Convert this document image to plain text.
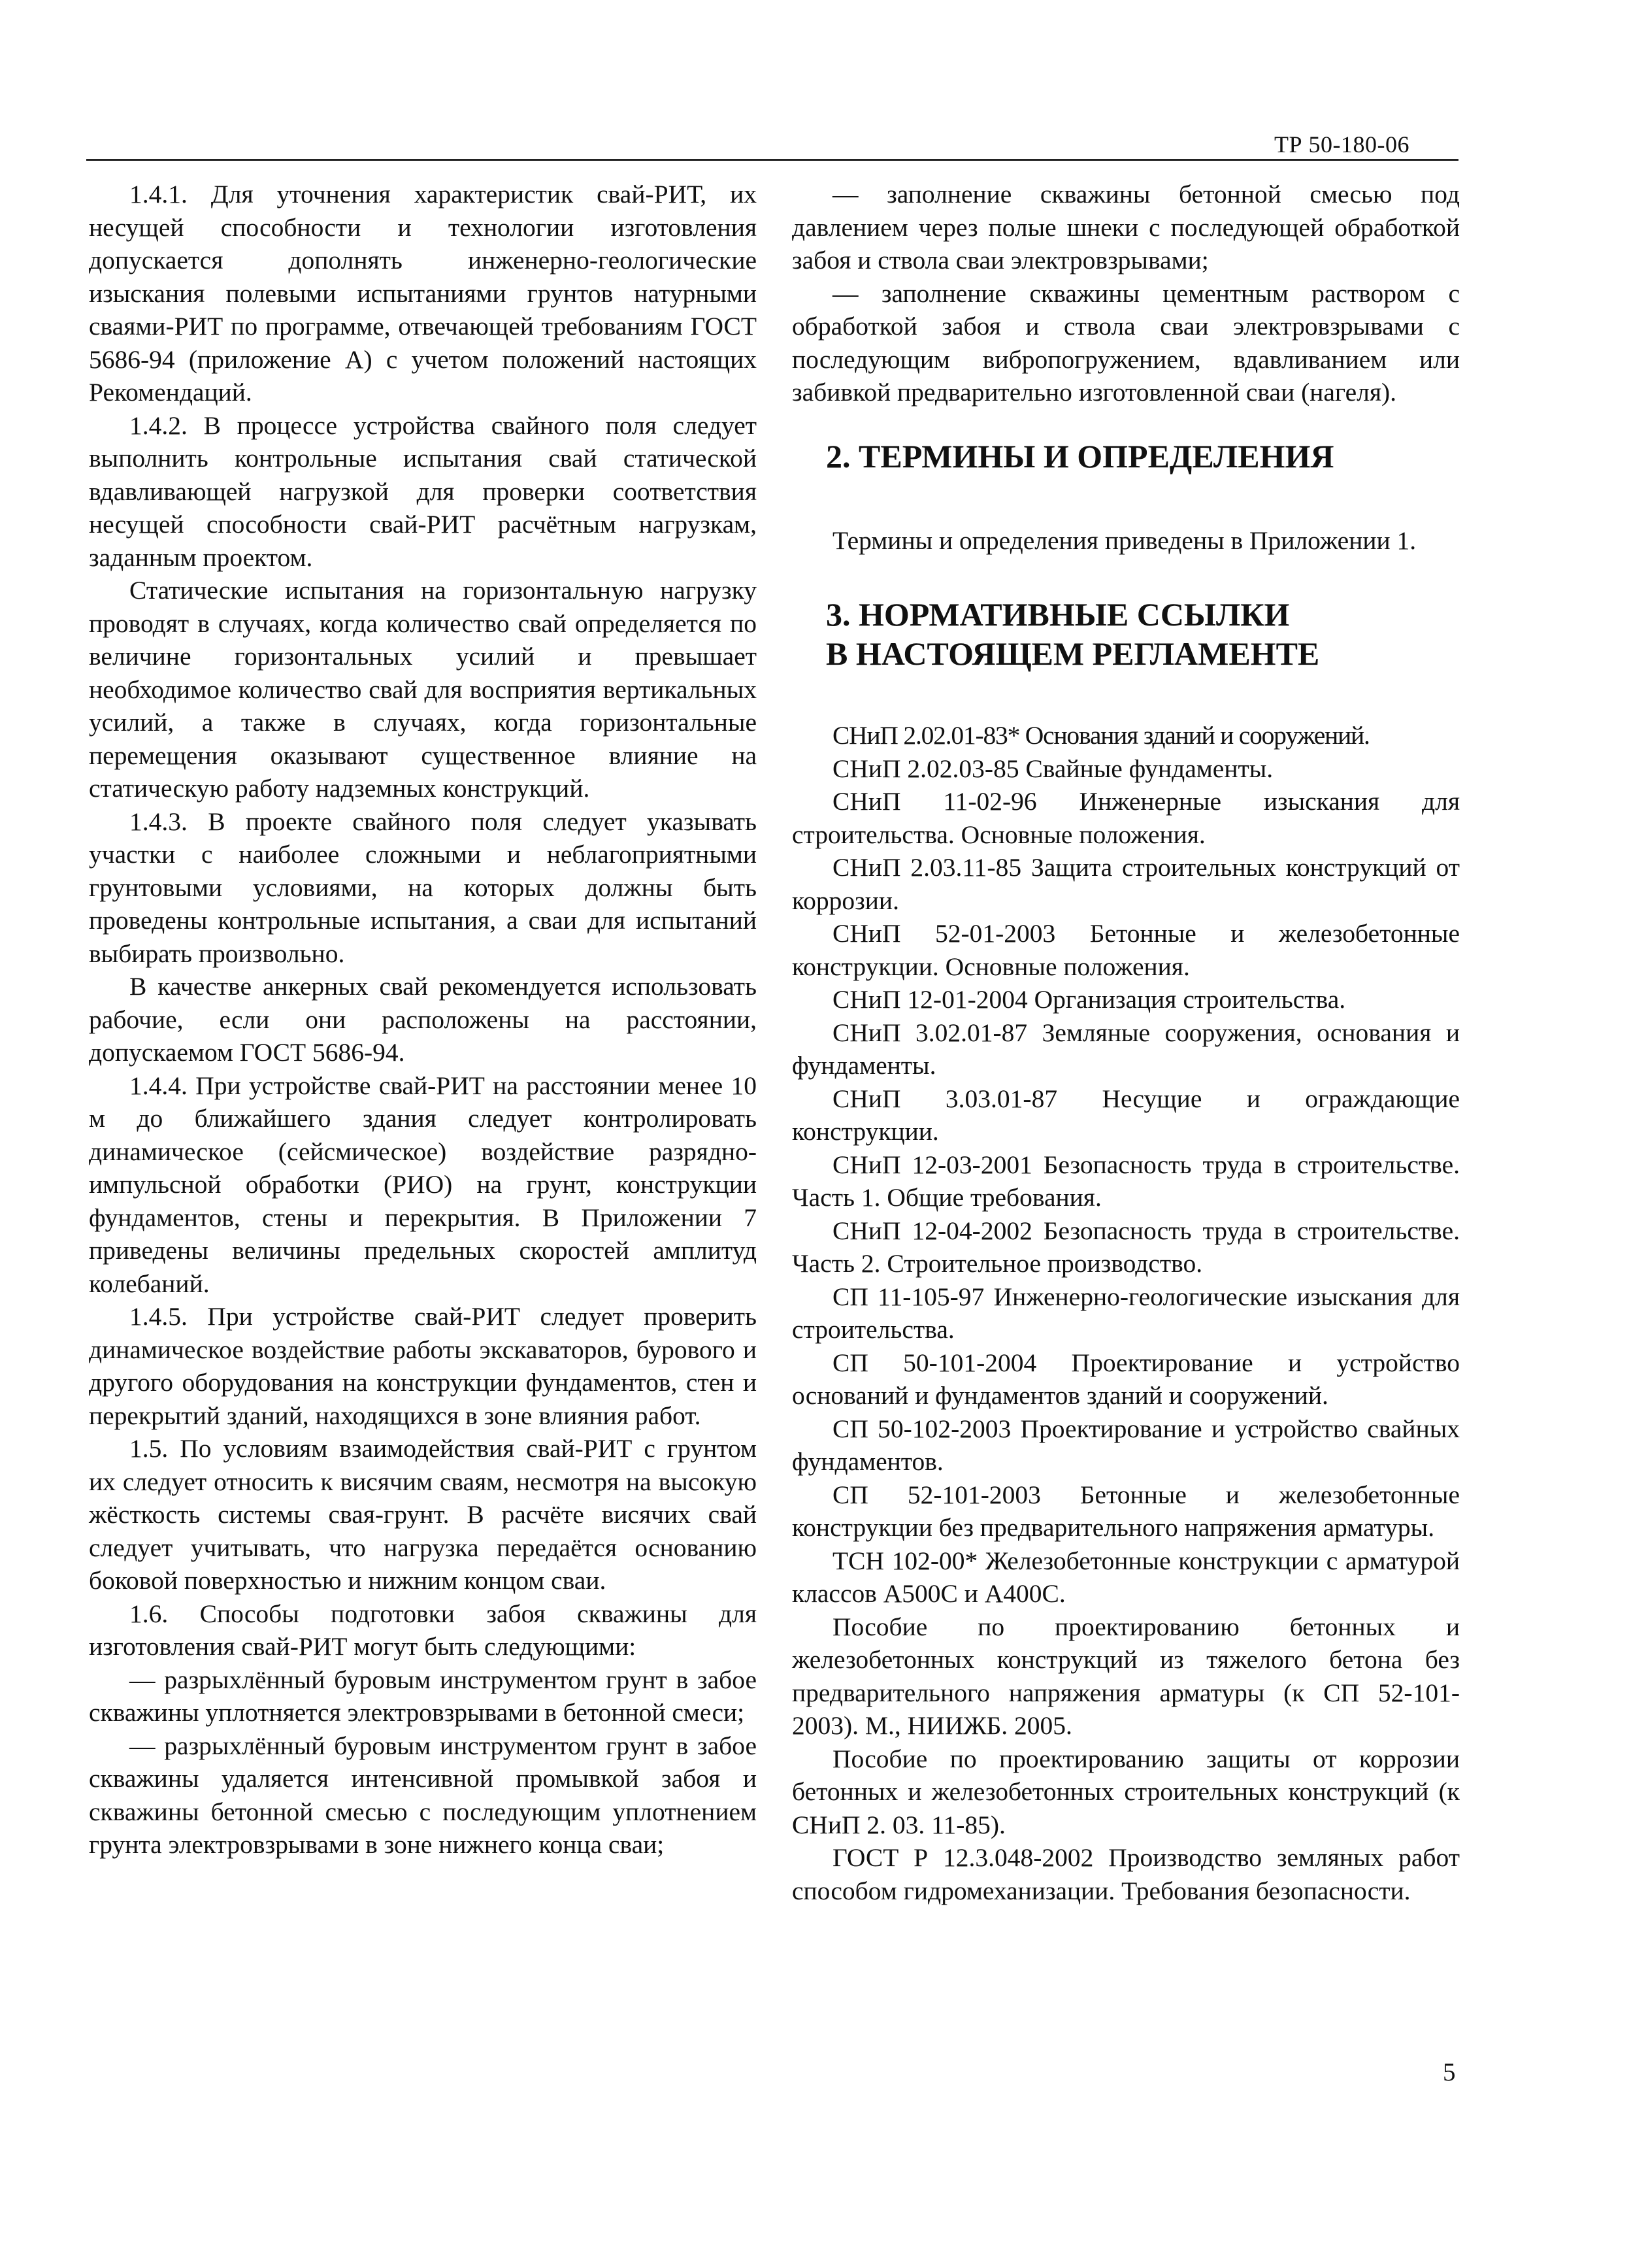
ТР 50-180-06

1.4.1. Для уточнения характеристик свай-РИТ, их несущей способности и технологии изготовления допускается дополнять инженерно-геологические изыскания полевыми испытаниями грунтов натурными сваями-РИТ по программе, отвечающей требованиям ГОСТ 5686-94 (приложение А) с учетом положений настоящих Рекомендаций.

1.4.2. В процессе устройства свайного поля следует выполнить контрольные испытания свай статической вдавливающей нагрузкой для проверки соответствия несущей способности свай-РИТ расчётным нагрузкам, заданным проектом.

Статические испытания на горизонтальную нагрузку проводят в случаях, когда количество свай определяется по величине горизонтальных усилий и превышает необходимое количество свай для восприятия вертикальных усилий, а также в случаях, когда горизонтальные перемещения оказывают существенное влияние на статическую работу надземных конструкций.

1.4.3. В проекте свайного поля следует указывать участки с наиболее сложными и неблагоприятными грунтовыми условиями, на которых должны быть проведены контрольные испытания, а сваи для испытаний выбирать произвольно.

В качестве анкерных свай рекомендуется использовать рабочие, если они расположены на расстоянии, допускаемом ГОСТ 5686-94.

1.4.4. При устройстве свай-РИТ на расстоянии менее 10 м до ближайшего здания следует контролировать динамическое (сейсмическое) воздействие разрядно-импульсной обработки (РИО) на грунт, конструкции фундаментов, стены и перекрытия. В Приложении 7 приведены величины предельных скоростей амплитуд колебаний.

1.4.5. При устройстве свай-РИТ следует проверить динамическое воздействие работы экскаваторов, бурового и другого оборудования на конструкции фундаментов, стен и перекрытий зданий, находящихся в зоне влияния работ.

1.5. По условиям взаимодействия свай-РИТ с грунтом их следует относить к висячим сваям, несмотря на высокую жёсткость системы свая-грунт. В расчёте висячих свай следует учитывать, что нагрузка передаётся основанию боковой поверхностью и нижним концом сваи.

1.6. Способы подготовки забоя скважины для изготовления свай-РИТ могут быть следующими:

— разрыхлённый буровым инструментом грунт в забое скважины уплотняется электровзрывами в бетонной смеси;

— разрыхлённый буровым инструментом грунт в забое скважины удаляется интенсивной промывкой забоя и скважины бетонной смесью с последующим уплотнением грунта электровзрывами в зоне нижнего конца сваи;

— заполнение скважины бетонной смесью под давлением через полые шнеки с последующей обработкой забоя и ствола сваи электровзрывами;

— заполнение скважины цементным раствором с обработкой забоя и ствола сваи электровзрывами с последующим вибропогружением, вдавливанием или забивкой предварительно изготовленной сваи (нагеля).

2. ТЕРМИНЫ И ОПРЕДЕЛЕНИЯ

Термины и определения приведены в Приложении 1.

3. НОРМАТИВНЫЕ ССЫЛКИ
В НАСТОЯЩЕМ РЕГЛАМЕНТЕ

СНиП 2.02.01-83* Основания зданий и сооружений.

СНиП 2.02.03-85 Свайные фундаменты.

СНиП 11-02-96 Инженерные изыскания для строительства. Основные положения.

СНиП 2.03.11-85 Защита строительных конструкций от коррозии.

СНиП 52-01-2003 Бетонные и железобетонные конструкции. Основные положения.

СНиП 12-01-2004 Организация строительства.

СНиП 3.02.01-87 Земляные сооружения, основания и фундаменты.

СНиП 3.03.01-87 Несущие и ограждающие конструкции.

СНиП 12-03-2001 Безопасность труда в строительстве. Часть 1. Общие требования.

СНиП 12-04-2002 Безопасность труда в строительстве. Часть 2. Строительное производство.

СП 11-105-97 Инженерно-геологические изыскания для строительства.

СП 50-101-2004 Проектирование и устройство оснований и фундаментов зданий и сооружений.

СП 50-102-2003 Проектирование и устройство свайных фундаментов.

СП 52-101-2003 Бетонные и железобетонные конструкции без предварительного напряжения арматуры.

ТСН 102-00* Железобетонные конструкции с арматурой классов А500С и А400С.

Пособие по проектированию бетонных и железобетонных конструкций из тяжелого бетона без предварительного напряжения арматуры (к СП 52-101-2003). М., НИИЖБ. 2005.

Пособие по проектированию защиты от коррозии бетонных и железобетонных строительных конструкций (к СНиП 2. 03. 11-85).

ГОСТ Р 12.3.048-2002 Производство земляных работ способом гидромеханизации. Требования безопасности.

5
